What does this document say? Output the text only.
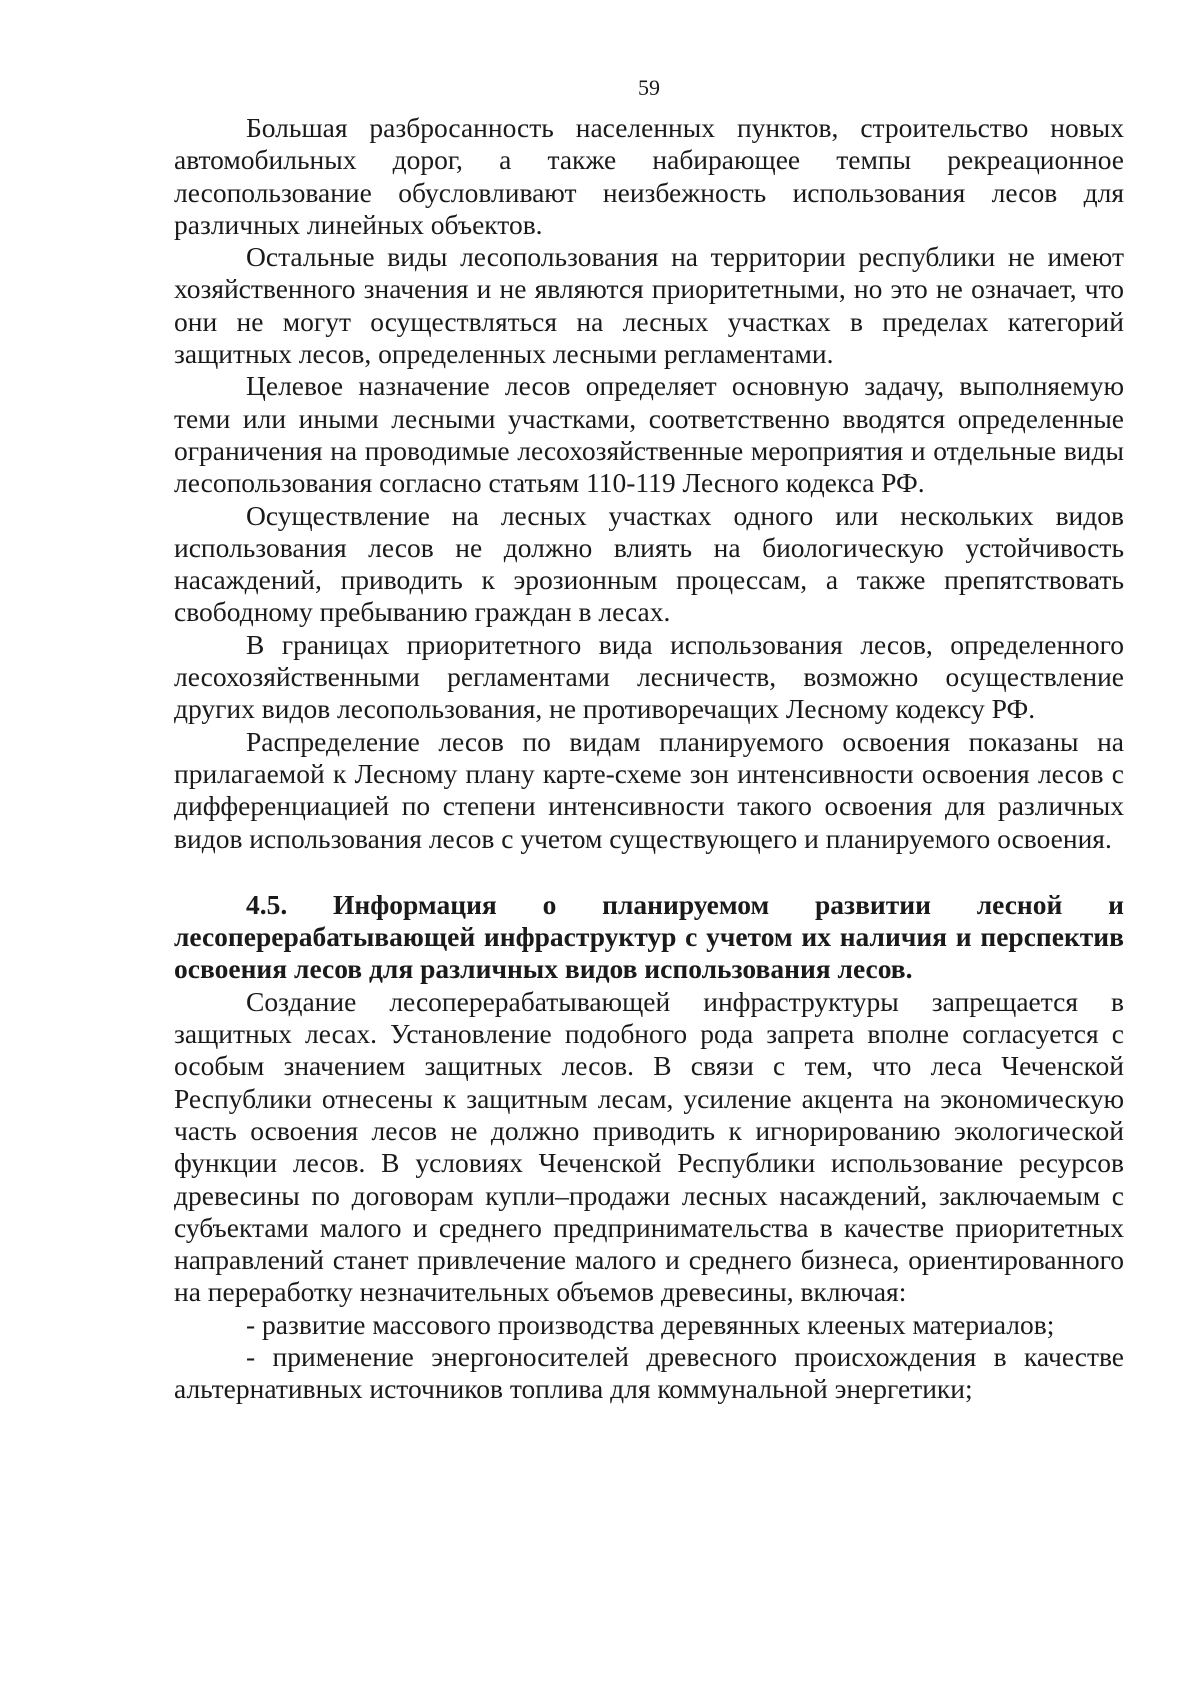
59

Большая разбросанность населенных пунктов, строительство новых автомобильных дорог, а также набирающее темпы рекреационное лесопользование обусловливают неизбежность использования лесов для различных линейных объектов.

Остальные виды лесопользования на территории республики не имеют хозяйственного значения и не являются приоритетными, но это не означает, что они не могут осуществляться на лесных участках в пределах категорий защитных лесов, определенных лесными регламентами.

Целевое назначение лесов определяет основную задачу, выполняемую теми или иными лесными участками, соответственно вводятся определенные ограничения на проводимые лесохозяйственные мероприятия и отдельные виды лесопользования согласно статьям 110-119 Лесного кодекса РФ.

Осуществление на лесных участках одного или нескольких видов использования лесов не должно влиять на биологическую устойчивость насаждений, приводить к эрозионным процессам, а также препятствовать свободному пребыванию граждан в лесах.

В границах приоритетного вида использования лесов, определенного лесохозяйственными регламентами лесничеств, возможно осуществление других видов лесопользования, не противоречащих Лесному кодексу РФ.

Распределение лесов по видам планируемого освоения показаны на прилагаемой к Лесному плану карте-схеме зон интенсивности освоения лесов с дифференциацией по степени интенсивности такого освоения для различных видов использования лесов с учетом существующего и планируемого освоения.

4.5. Информация о планируемом развитии лесной и лесоперерабатывающей инфраструктур с учетом их наличия и перспектив освоения лесов для различных видов использования лесов.

Создание лесоперерабатывающей инфраструктуры запрещается в защитных лесах. Установление подобного рода запрета вполне согласуется с особым значением защитных лесов. В связи с тем, что леса Чеченской Республики отнесены к защитным лесам, усиление акцента на экономическую часть освоения лесов не должно приводить к игнорированию экологической функции лесов. В условиях Чеченской Республики использование ресурсов древесины по договорам купли–продажи лесных насаждений, заключаемым с субъектами малого и среднего предпринимательства в качестве приоритетных направлений станет привлечение малого и среднего бизнеса, ориентированного на переработку незначительных объемов древесины, включая:

- развитие массового производства деревянных клееных материалов;

- применение энергоносителей древесного происхождения в качестве альтернативных источников топлива для коммунальной энергетики;
